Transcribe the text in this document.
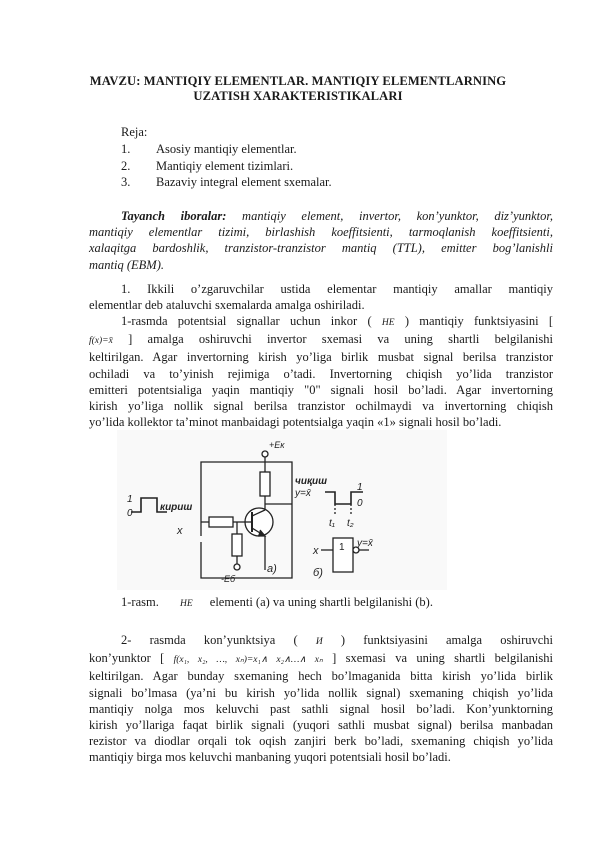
MAVZU: MANTIQIY ELEMENTLAR. MANTIQIY ELEMENTLARNING
UZATISH XARAKTERISTIKALARI
Reja:
1. Asosiy mantiqiy elementlar.
2. Mantiqiy element tizimlari.
3. Bazaviy integral element sxemalar.
Tayanch iboralar: mantiqiy element, invertor, kon’yunktor, diz’yunktor,
mantiqiy elementlar tizimi, birlashish koeffitsienti, tarmoqlanish koeffitsienti,
xalaqitga bardoshlik, tranzistor-tranzistor mantiq (TTL), emitter bog’lanishli
mantiq (EBM).
1. Ikkili o’zgaruvchilar ustida elementar mantiqiy amallar mantiqiy
elementlar deb ataluvchi sxemalarda amalga oshiriladi.
1-rasmda potentsial signallar uchun inkor ( НЕ ) mantiqiy funktsiyasini [
f(x)=x̄ ] amalga oshiruvchi invertor sxemasi va uning shartli belgilanishi
keltirilgan. Agar invertorning kirish yo’liga birlik musbat signal berilsa tranzistor
ochiladi va to’yinish rejimiga o’tadi. Invertorning chiqish yo’lida tranzistor
emitteri potentsialiga yaqin mantiqiy "0" signali hosil bo’ladi. Agar invertorning
kirish yo’liga nollik signal berilsa tranzistor ochilmaydi va invertorning chiqish
yo’lida kollektor ta’minot manbaidagi potentsialga yaqin «1» signali hosil bo’ladi.
1
0
кириш
x
+Eк
-Eб
a)
чиқиш
y=x̄
1
0
t₁ t₂
x 1 y=x̄
б)
1-rasm. НЕ elementi (a) va uning shartli belgilanishi (b).
2- rasmda kon’yunktsiya ( И ) funktsiyasini amalga oshiruvchi
kon’yunktor [ f(x₁, x₂, …, xₙ)=x₁∧ x₂∧…∧ xₙ ] sxemasi va uning shartli belgilanishi
keltirilgan. Agar bunday sxemaning hech bo’lmaganida bitta kirish yo’lida birlik
signali bo’lmasa (ya’ni bu kirish yo’lida nollik signal) sxemaning chiqish yo’lida
mantiqiy nolga mos keluvchi past sathli signal hosil bo’ladi. Kon’yunktorning
kirish yo’llariga faqat birlik signali (yuqori sathli musbat signal) berilsa manbadan
rezistor va diodlar orqali tok oqish zanjiri berk bo’ladi, sxemaning chiqish yo’lida
mantiqiy birga mos keluvchi manbaning yuqori potentsiali hosil bo’ladi.
